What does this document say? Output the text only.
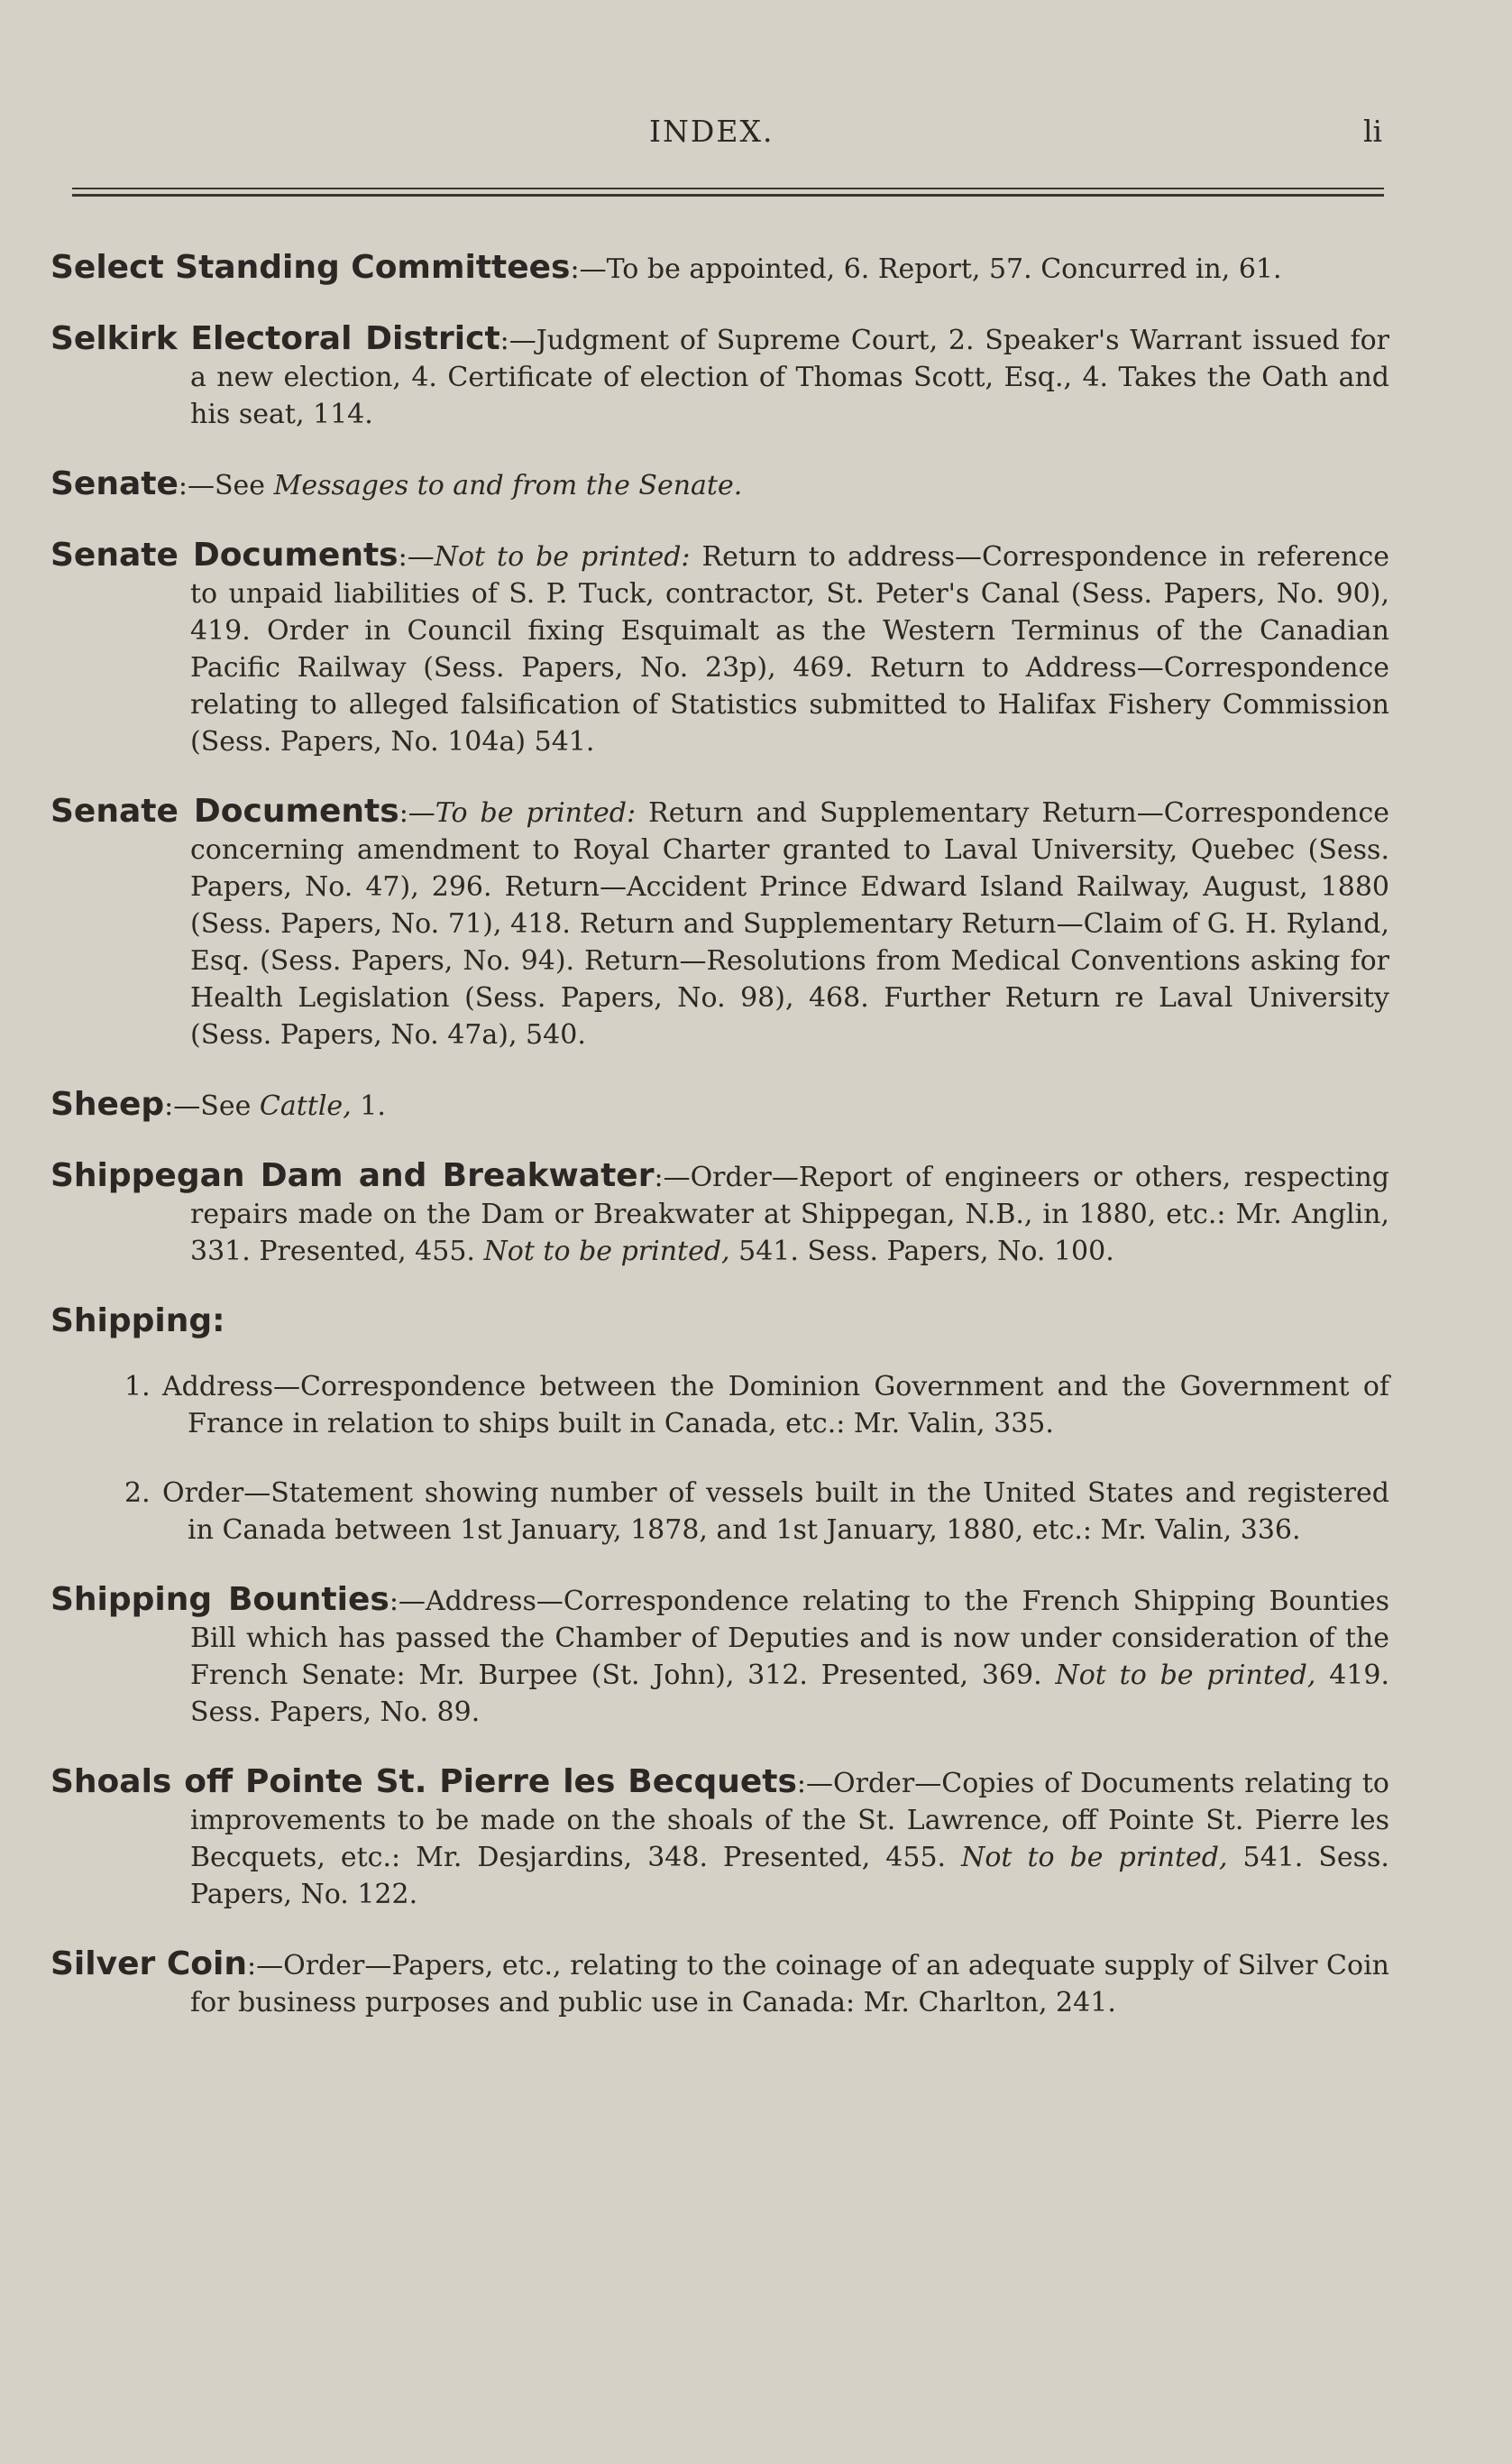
INDEX.	li

Select Standing Committees:—To be appointed, 6. Report, 57. Concurred in, 61.

Selkirk Electoral District:—Judgment of Supreme Court, 2. Speaker's Warrant issued for a new election, 4. Certificate of election of Thomas Scott, Esq., 4. Takes the Oath and his seat, 114.

Senate:—See Messages to and from the Senate.

Senate Documents:—Not to be printed: Return to address—Correspondence in reference to unpaid liabilities of S. P. Tuck, contractor, St. Peter's Canal (Sess. Papers, No. 90), 419. Order in Council fixing Esquimalt as the Western Terminus of the Canadian Pacific Railway (Sess. Papers, No. 23p), 469. Return to Address—Correspondence relating to alleged falsification of Statistics submitted to Halifax Fishery Commission (Sess. Papers, No. 104a) 541.

Senate Documents:—To be printed: Return and Supplementary Return—Correspondence concerning amendment to Royal Charter granted to Laval University, Quebec (Sess. Papers, No. 47), 296. Return—Accident Prince Edward Island Railway, August, 1880 (Sess. Papers, No. 71), 418. Return and Supplementary Return—Claim of G. H. Ryland, Esq. (Sess. Papers, No. 94). Return—Resolutions from Medical Conventions asking for Health Legislation (Sess. Papers, No. 98), 468. Further Return re Laval University (Sess. Papers, No. 47a), 540.

Sheep:—See Cattle, 1.

Shippegan Dam and Breakwater:—Order—Report of engineers or others, respecting repairs made on the Dam or Breakwater at Shippegan, N.B., in 1880, etc.: Mr. Anglin, 331. Presented, 455. Not to be printed, 541. Sess. Papers, No. 100.

Shipping:

1. Address—Correspondence between the Dominion Government and the Government of France in relation to ships built in Canada, etc.: Mr. Valin, 335.

2. Order—Statement showing number of vessels built in the United States and registered in Canada between 1st January, 1878, and 1st January, 1880, etc.: Mr. Valin, 336.

Shipping Bounties:—Address—Correspondence relating to the French Shipping Bounties Bill which has passed the Chamber of Deputies and is now under consideration of the French Senate: Mr. Burpee (St. John), 312. Presented, 369. Not to be printed, 419. Sess. Papers, No. 89.

Shoals off Pointe St. Pierre les Becquets:—Order—Copies of Documents relating to improvements to be made on the shoals of the St. Lawrence, off Pointe St. Pierre les Becquets, etc.: Mr. Desjardins, 348. Presented, 455. Not to be printed, 541. Sess. Papers, No. 122.

Silver Coin:—Order—Papers, etc., relating to the coinage of an adequate supply of Silver Coin for business purposes and public use in Canada: Mr. Charlton, 241.
